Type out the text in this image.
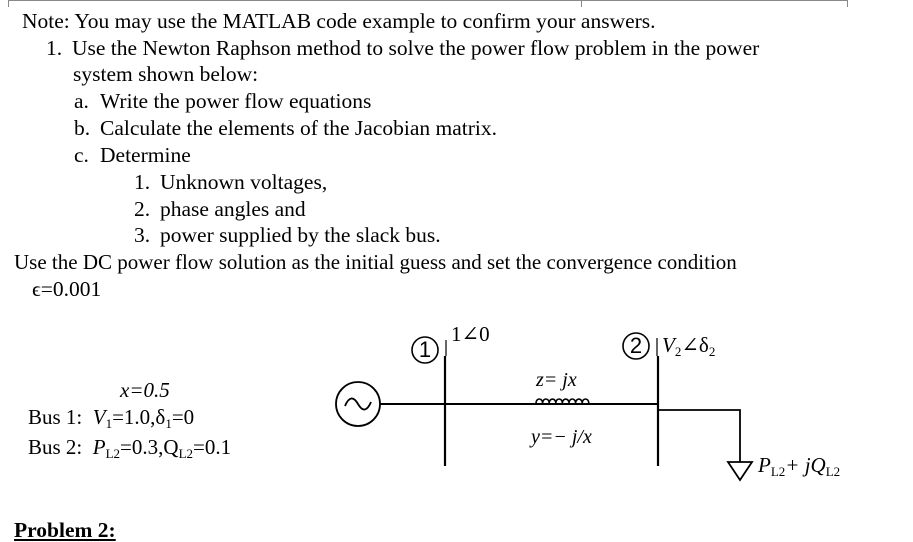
Note: You may use the MATLAB code example to confirm your answers.
1. Use the Newton Raphson method to solve the power flow problem in the power
system shown below:
a. Write the power flow equations
b. Calculate the elements of the Jacobian matrix.
c. Determine
1. Unknown voltages,
2. phase angles and
3. power supplied by the slack bus.
Use the DC power flow solution as the initial guess and set the convergence condition
ϵ=0.001
1	2
1∠0	$V_2\angle\delta_2$
z= jx
y=− j/x
$P_{L2}+ jQ_{L2}$
x=0.5
Bus 1: $V_1=1.0,\delta_1=0$
Bus 2: $P_{L2}=0.3,Q_{L2}=0.1$
Problem 2:
